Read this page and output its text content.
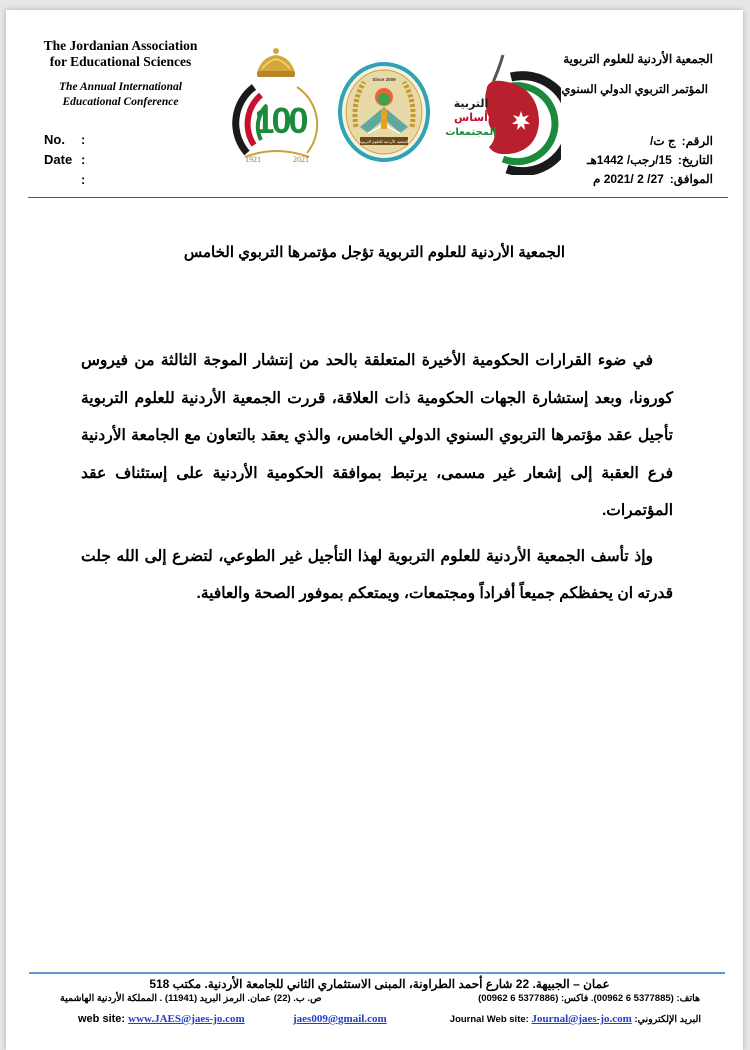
The Jordanian Association
for Educational Sciences
The Annual International
Educational Conference
No. :
Date :
:
100
1921	2021
Since 2009
الجمعية الأردنية للعلوم التربوية
التربية
أساس
المجتمعات
الجمعية الأردنية للعلوم التربوية
المؤتمر التربوي الدولي السنوي
الرقم:ج ت/
التاريخ:15/رجب/ 1442هـ
الموافق:27/ 2 /2021 م
الجمعية الأردنية للعلوم التربوية تؤجل مؤتمرها التربوي الخامس

في ضوء القرارات الحكومية الأخيرة المتعلقة بالحد من إنتشار الموجة الثالثة من فيروس كورونا، وبعد إستشارة الجهات الحكومية ذات العلاقة، قررت الجمعية الأردنية للعلوم التربوية تأجيل عقد مؤتمرها التربوي السنوي الدولي الخامس، والذي يعقد بالتعاون مع الجامعة الأردنية فرع العقبة إلى إشعار غير مسمى، يرتبط بموافقة الحكومية الأردنية على إستئناف عقد المؤتمرات.

وإذ تأسف الجمعية الأردنية للعلوم التربوية لهذا التأجيل غير الطوعي، لتضرع إلى الله جلت قدرته ان يحفظكم جميعاً أفراداً ومجتمعات، ويمتعكم بموفور الصحة والعافية.

عمان – الجبيهة. 22 شارع أحمد الطراونة، المبنى الاستثماري الثاني للجامعة الأردنية. مكتب 518
هاتف: (00962 6 5377885). فاكس: (00962 6 5377886)
ص. ب. (22) عمان. الرمز البريد (11941) . المملكة الأردنية الهاشمية
البريد الإلكتروني: Journal Web site: Journal@jaes-jo.com
jaes009@gmail.com
web site: www.JAES@jaes-jo.com
